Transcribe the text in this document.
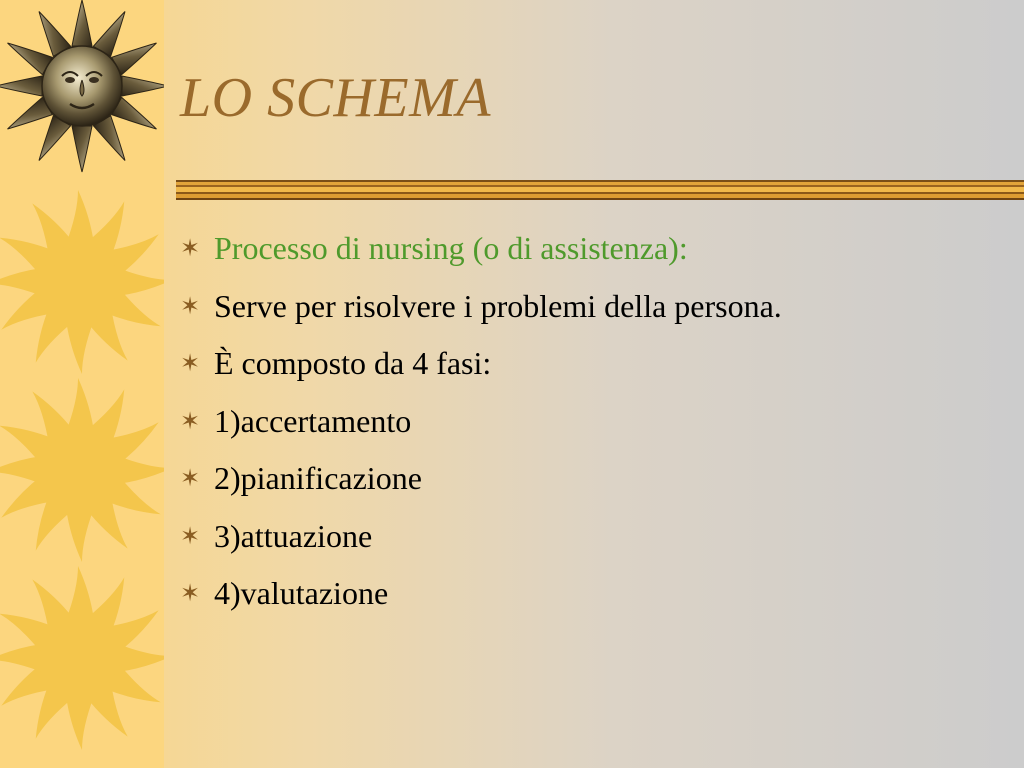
LO SCHEMA
✶ Processo di nursing (o di assistenza):
✶ Serve per risolvere i problemi della persona.
✶ È composto da 4 fasi:
✶ 1)accertamento
✶ 2)pianificazione
✶ 3)attuazione
✶ 4)valutazione
